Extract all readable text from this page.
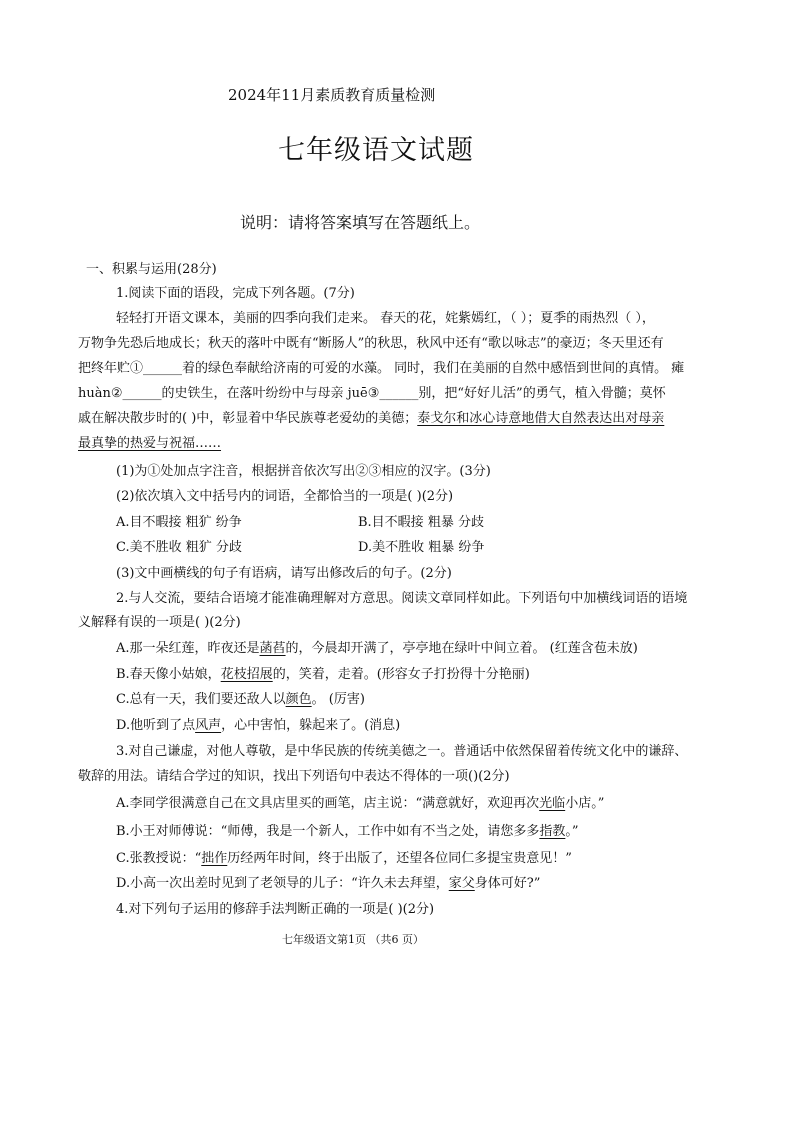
2024年11月素质教育质量检测
七年级语文试题
说明：请将答案填写在答题纸上。
一、积累与运用(28分)
1.阅读下面的语段，完成下列各题。(7分)
轻轻打开语文课本，美丽的四季向我们走来。 春天的花，姹紫嫣红，（ ）；夏季的雨热烈（ ），
万物争先恐后地成长；秋天的落叶中既有“断肠人”的秋思，秋风中还有“歌以咏志”的豪迈；冬天里还有
把终年贮①______着的绿色奉献给济南的可爱的水藻。 同时，我们在美丽的自然中感悟到世间的真情。 瘫
huàn②______的史铁生，在落叶纷纷中与母亲 juē③______别，把“好好儿活”的勇气，植入骨髓；莫怀
戚在解决散步时的( )中，彰显着中华民族尊老爱幼的美德；泰戈尔和冰心诗意地借大自然表达出对母亲
最真挚的热爱与祝福……
(1)为①处加点字注音，根据拼音依次写出②③相应的汉字。(3分)
(2)依次填入文中括号内的词语，全都恰当的一项是( )(2分)
A.目不暇接 粗犷 纷争	B.目不暇接 粗暴 分歧
C.美不胜收 粗犷 分歧	D.美不胜收 粗暴 纷争
(3)文中画横线的句子有语病，请写出修改后的句子。(2分)
2.与人交流，要结合语境才能准确理解对方意思。阅读文章同样如此。下列语句中加横线词语的语境
义解释有误的一项是( )(2分)
A.那一朵红莲，昨夜还是菡萏的，今晨却开满了，亭亭地在绿叶中间立着。 (红莲含苞未放)
B.春天像小姑娘，花枝招展的，笑着，走着。(形容女子打扮得十分艳丽)
C.总有一天，我们要还敌人以颜色。 (厉害)
D.他听到了点风声，心中害怕，躲起来了。(消息)
3.对自己谦虚，对他人尊敬，是中华民族的传统美德之一。普通话中依然保留着传统文化中的谦辞、
敬辞的用法。请结合学过的知识，找出下列语句中表达不得体的一项()(2分)
A.李同学很满意自己在文具店里买的画笔，店主说：“满意就好，欢迎再次光临小店。”
B.小王对师傅说：“师傅，我是一个新人，工作中如有不当之处，请您多多指教。”
C.张教授说：“拙作历经两年时间，终于出版了，还望各位同仁多提宝贵意见！”
D.小高一次出差时见到了老领导的儿子：“许久未去拜望，家父身体可好?”
4.对下列句子运用的修辞手法判断正确的一项是( )(2分)
七年级语文第1页 （共6 页）
